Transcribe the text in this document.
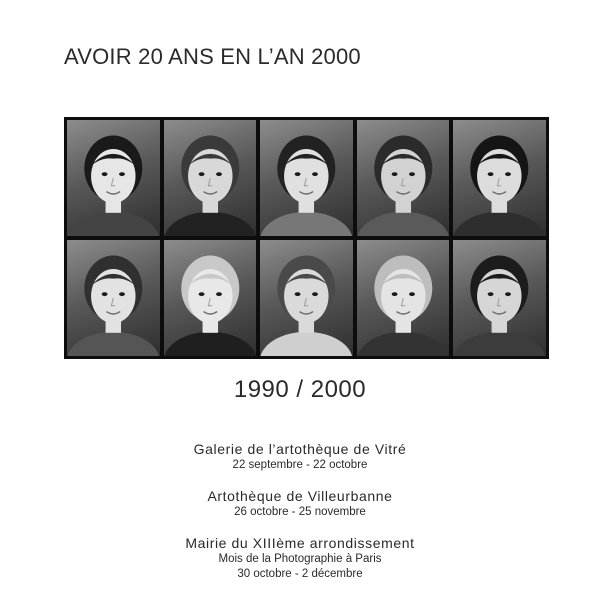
AVOIR 20 ANS EN L’AN 2000
1990 / 2000
Galerie de l’artothèque de Vitré
22 septembre - 22 octobre
Artothèque de Villeurbanne
26 octobre - 25 novembre
Mairie du XIIIème arrondissement
Mois de la Photographie à Paris
30 octobre - 2 décembre
